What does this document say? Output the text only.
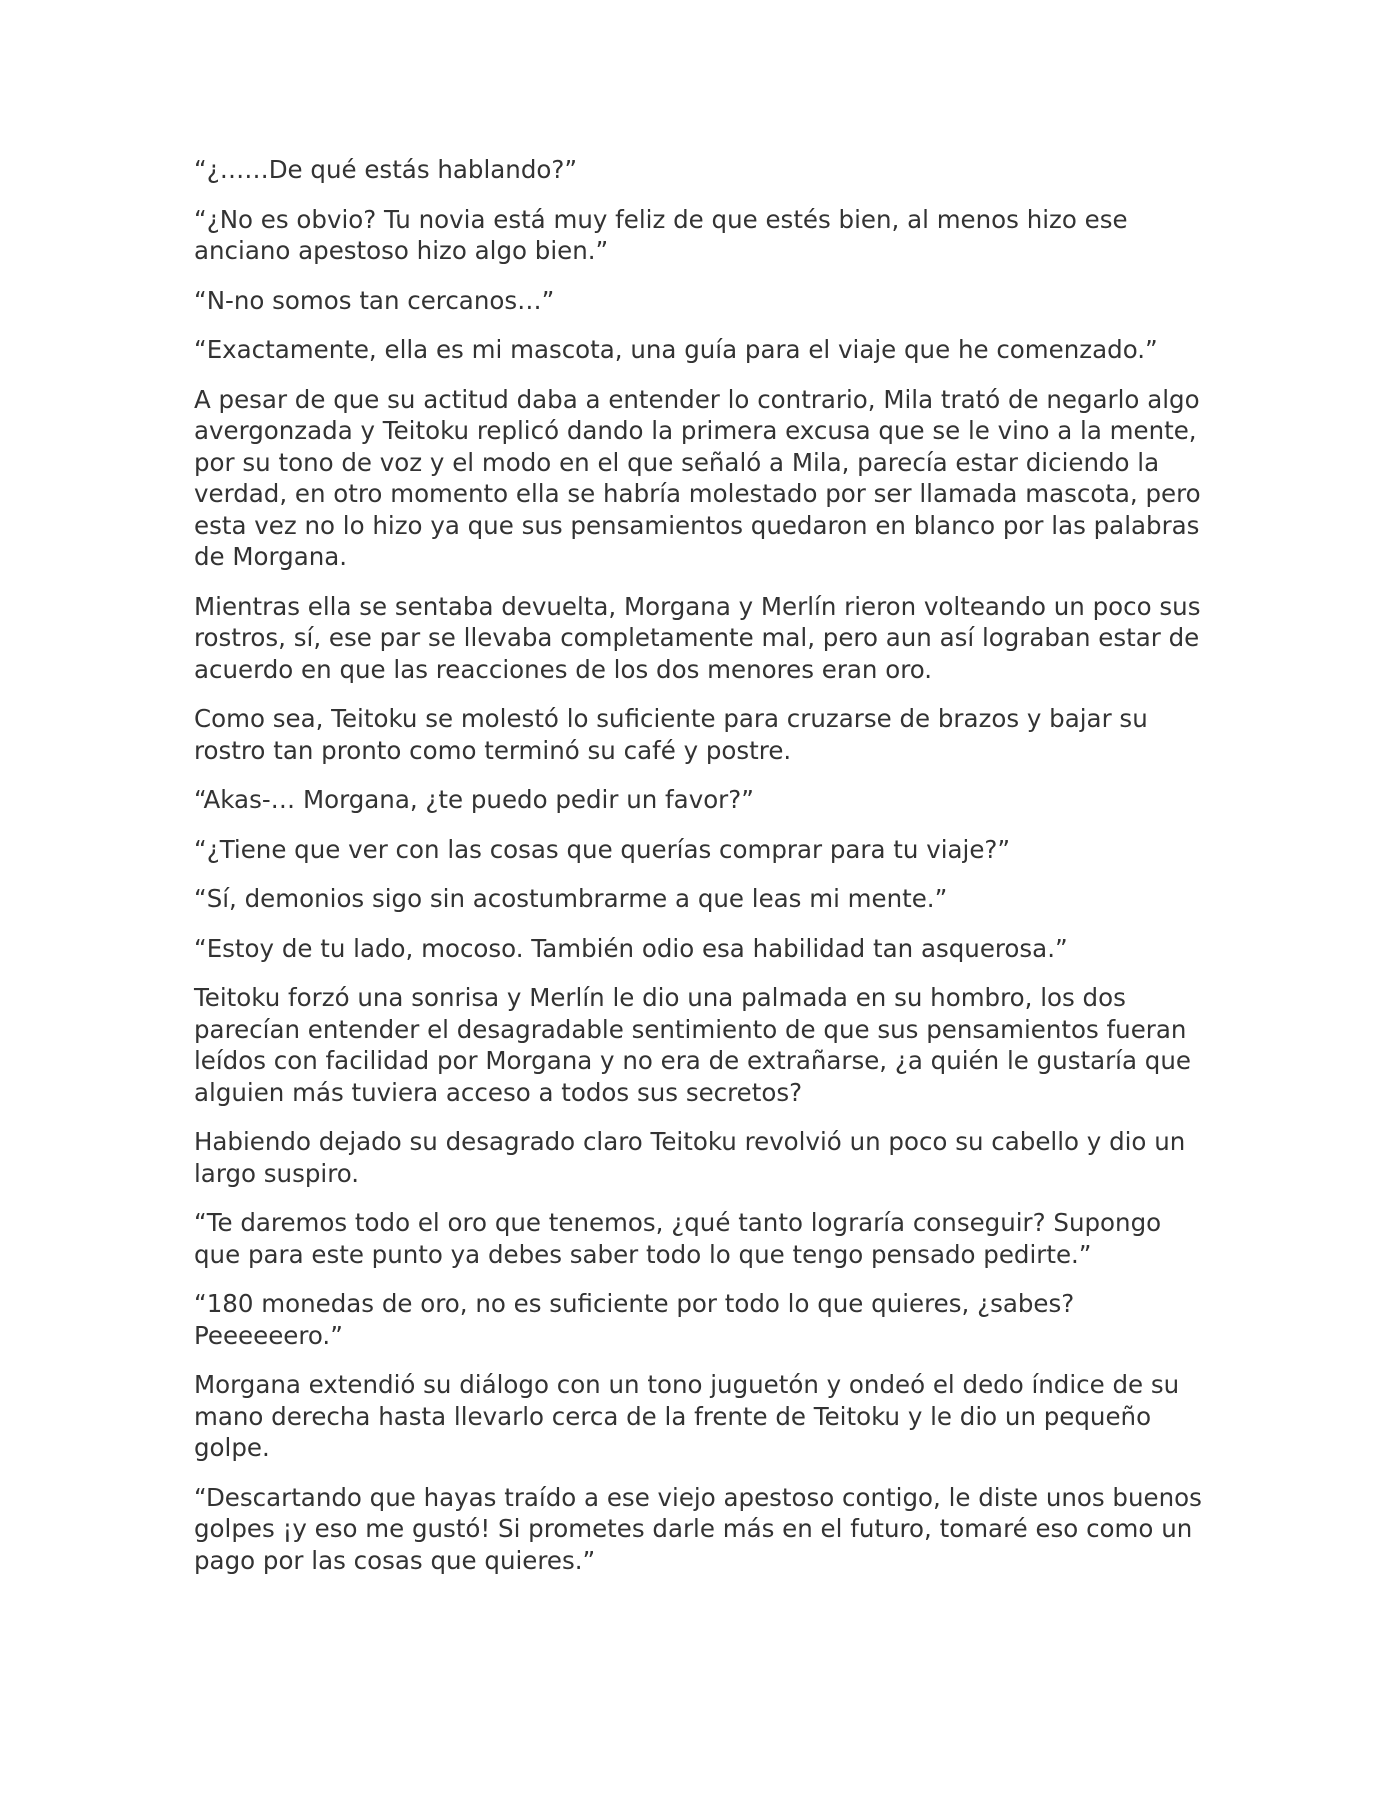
“¿……De qué estás hablando?”

“¿No es obvio? Tu novia está muy feliz de que estés bien, al menos hizo ese anciano apestoso hizo algo bien.”

“N-no somos tan cercanos…”

“Exactamente, ella es mi mascota, una guía para el viaje que he comenzado.”

A pesar de que su actitud daba a entender lo contrario, Mila trató de negarlo algo avergonzada y Teitoku replicó dando la primera excusa que se le vino a la mente, por su tono de voz y el modo en el que señaló a Mila, parecía estar diciendo la verdad, en otro momento ella se habría molestado por ser llamada mascota, pero esta vez no lo hizo ya que sus pensamientos quedaron en blanco por las palabras de Morgana.

Mientras ella se sentaba devuelta, Morgana y Merlín rieron volteando un poco sus rostros, sí, ese par se llevaba completamente mal, pero aun así lograban estar de acuerdo en que las reacciones de los dos menores eran oro.

Como sea, Teitoku se molestó lo suficiente para cruzarse de brazos y bajar su rostro tan pronto como terminó su café y postre.

“Akas-… Morgana, ¿te puedo pedir un favor?”

“¿Tiene que ver con las cosas que querías comprar para tu viaje?”

“Sí, demonios sigo sin acostumbrarme a que leas mi mente.”

“Estoy de tu lado, mocoso. También odio esa habilidad tan asquerosa.”

Teitoku forzó una sonrisa y Merlín le dio una palmada en su hombro, los dos parecían entender el desagradable sentimiento de que sus pensamientos fueran leídos con facilidad por Morgana y no era de extrañarse, ¿a quién le gustaría que alguien más tuviera acceso a todos sus secretos?

Habiendo dejado su desagrado claro Teitoku revolvió un poco su cabello y dio un largo suspiro.

“Te daremos todo el oro que tenemos, ¿qué tanto lograría conseguir? Supongo que para este punto ya debes saber todo lo que tengo pensado pedirte.”

“180 monedas de oro, no es suficiente por todo lo que quieres, ¿sabes? Peeeeeero.”

Morgana extendió su diálogo con un tono juguetón y ondeó el dedo índice de su mano derecha hasta llevarlo cerca de la frente de Teitoku y le dio un pequeño golpe.

“Descartando que hayas traído a ese viejo apestoso contigo, le diste unos buenos golpes ¡y eso me gustó! Si prometes darle más en el futuro, tomaré eso como un pago por las cosas que quieres.”
